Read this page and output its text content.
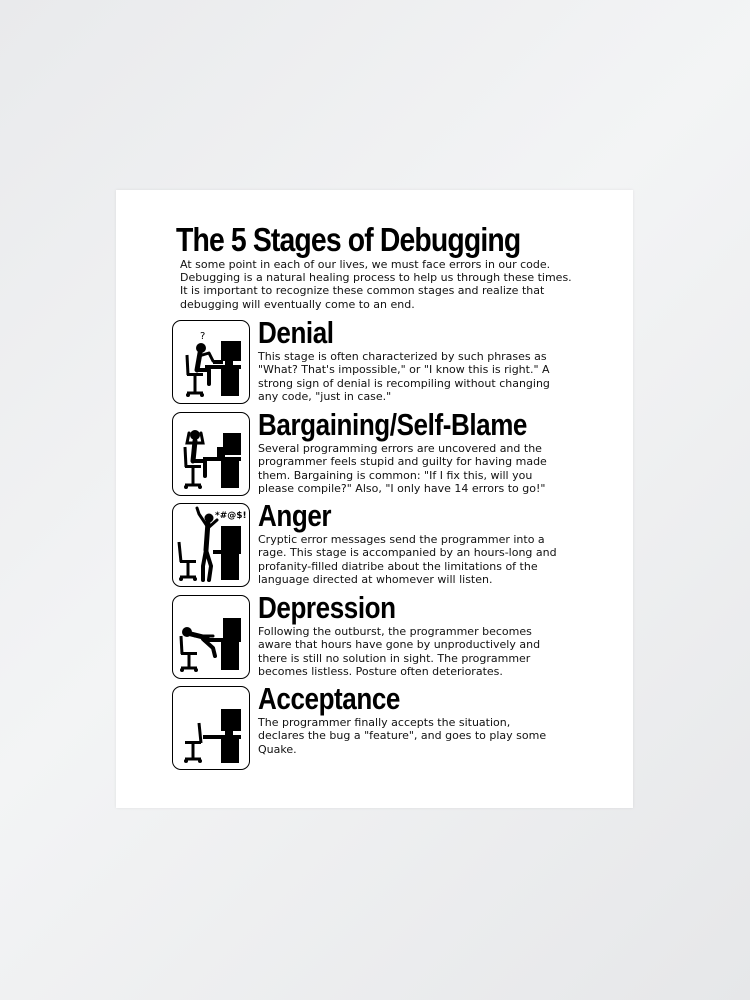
The 5 Stages of Debugging
At some point in each of our lives, we must face errors in our code. Debugging is a natural healing process to help us through these times. It is important to recognize these common stages and realize that debugging will eventually come to an end.
? Denial
This stage is often characterized by such phrases as "What? That's impossible," or "I know this is right." A strong sign of denial is recompiling without changing any code, "just in case."
Bargaining/Self-Blame
Several programming errors are uncovered and the programmer feels stupid and guilty for having made them. Bargaining is common: "If I fix this, will you please compile?" Also, "I only have 14 errors to go!"
*#@$! Anger
Cryptic error messages send the programmer into a rage. This stage is accompanied by an hours-long and profanity-filled diatribe about the limitations of the language directed at whomever will listen.
Depression
Following the outburst, the programmer becomes aware that hours have gone by unproductively and there is still no solution in sight. The programmer becomes listless. Posture often deteriorates.
Acceptance
The programmer finally accepts the situation, declares the bug a "feature", and goes to play some Quake.
